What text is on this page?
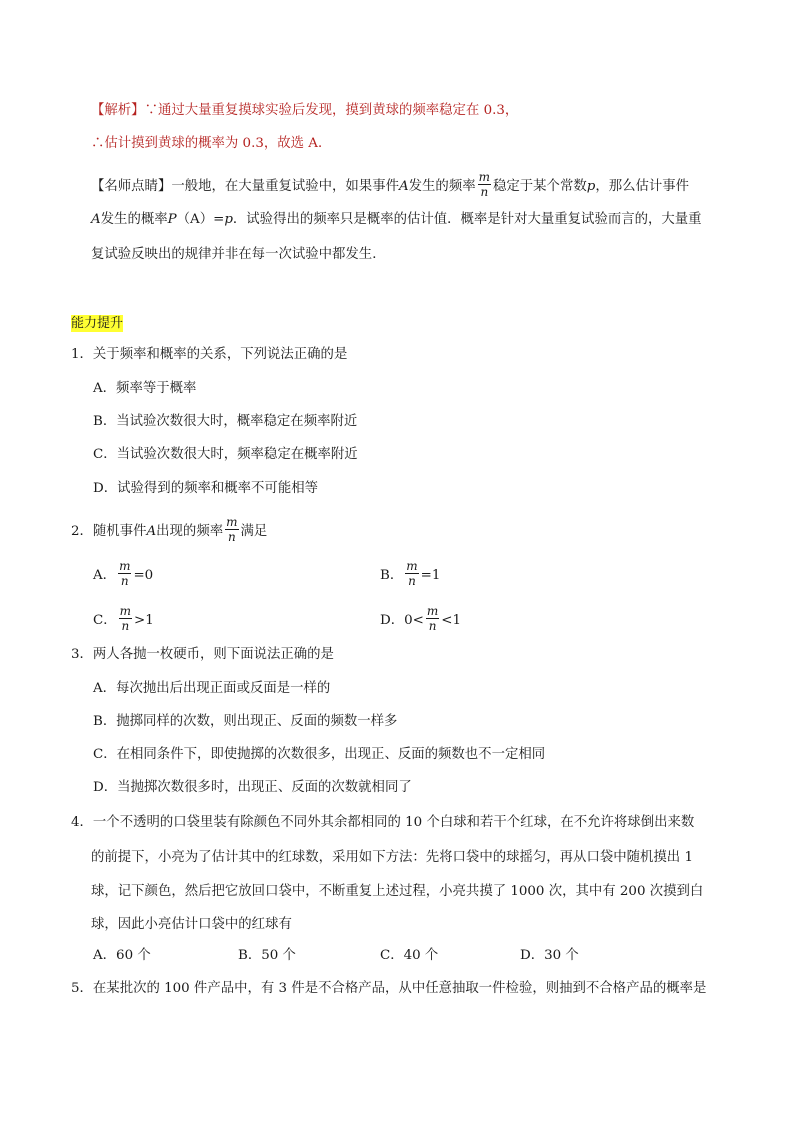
【解析】∵通过大量重复摸球实验后发现，摸到黄球的频率稳定在 0.3，
∴估计摸到黄球的概率为 0.3，故选 A．
【名师点睛】一般地，在大量重复试验中，如果事件A发生的频率 $\frac{m}{n}$ 稳定于某个常数p，那么估计事件
A发生的概率P（A）=p．试验得出的频率只是概率的估计值．概率是针对大量重复试验而言的，大量重
复试验反映出的规律并非在每一次试验中都发生．
能力提升
1．关于频率和概率的关系，下列说法正确的是
A．频率等于概率
B．当试验次数很大时，概率稳定在频率附近
C．当试验次数很大时，频率稳定在概率附近
D．试验得到的频率和概率不可能相等
2．随机事件A出现的频率 $\frac{m}{n}$ 满足
A． $\frac{m}{n} =0$	B． $\frac{m}{n} =1$
C． $\frac{m}{n} >1$	D．$0< \frac{m}{n} <1$
3．两人各抛一枚硬币，则下面说法正确的是
A．每次抛出后出现正面或反面是一样的
B．抛掷同样的次数，则出现正、反面的频数一样多
C．在相同条件下，即使抛掷的次数很多，出现正、反面的频数也不一定相同
D．当抛掷次数很多时，出现正、反面的次数就相同了
4．一个不透明的口袋里装有除颜色不同外其余都相同的 10 个白球和若干个红球，在不允许将球倒出来数
的前提下，小亮为了估计其中的红球数，采用如下方法：先将口袋中的球摇匀，再从口袋中随机摸出 1
球，记下颜色，然后把它放回口袋中，不断重复上述过程，小亮共摸了 1000 次，其中有 200 次摸到白
球，因此小亮估计口袋中的红球有
A．60 个	B．50 个	C．40 个	D．30 个
5．在某批次的 100 件产品中，有 3 件是不合格产品，从中任意抽取一件检验，则抽到不合格产品的概率是
